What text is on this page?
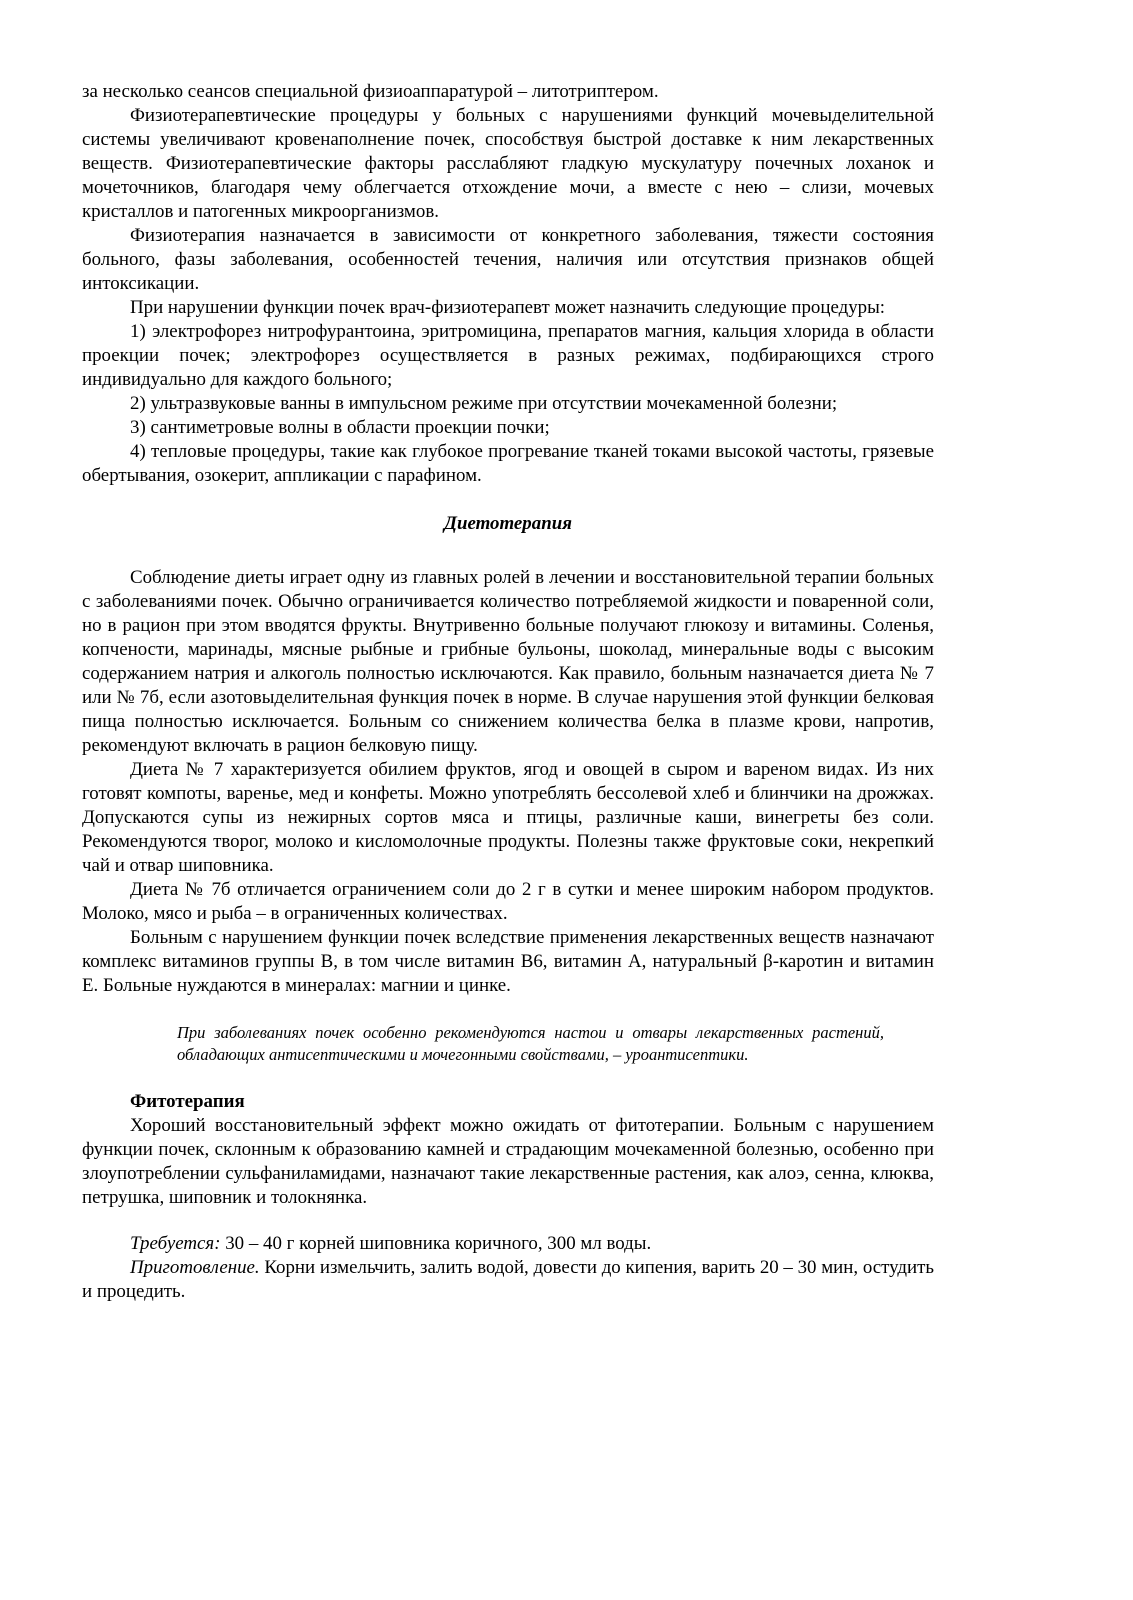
за несколько сеансов специальной физиоаппаратурой – литотриптером.

Физиотерапевтические процедуры у больных с нарушениями функций мочевыделительной системы увеличивают кровенаполнение почек, способствуя быстрой доставке к ним лекарственных веществ. Физиотерапевтические факторы расслабляют гладкую мускулатуру почечных лоханок и мочеточников, благодаря чему облегчается отхождение мочи, а вместе с нею – слизи, мочевых кристаллов и патогенных микроорганизмов.

Физиотерапия назначается в зависимости от конкретного заболевания, тяжести состояния больного, фазы заболевания, особенностей течения, наличия или отсутствия признаков общей интоксикации.

При нарушении функции почек врач-физиотерапевт может назначить следующие процедуры:

1) электрофорез нитрофурантоина, эритромицина, препаратов магния, кальция хлорида в области проекции почек; электрофорез осуществляется в разных режимах, подбирающихся строго индивидуально для каждого больного;

2) ультразвуковые ванны в импульсном режиме при отсутствии мочекаменной болезни;

3) сантиметровые волны в области проекции почки;

4) тепловые процедуры, такие как глубокое прогревание тканей токами высокой частоты, грязевые обертывания, озокерит, аппликации с парафином.

Диетотерапия

Соблюдение диеты играет одну из главных ролей в лечении и восстановительной терапии больных с заболеваниями почек. Обычно ограничивается количество потребляемой жидкости и поваренной соли, но в рацион при этом вводятся фрукты. Внутривенно больные получают глюкозу и витамины. Соленья, копчености, маринады, мясные рыбные и грибные бульоны, шоколад, минеральные воды с высоким содержанием натрия и алкоголь полностью исключаются. Как правило, больным назначается диета № 7 или № 7б, если азотовыделительная функция почек в норме. В случае нарушения этой функции белковая пища полностью исключается. Больным со снижением количества белка в плазме крови, напротив, рекомендуют включать в рацион белковую пищу.

Диета № 7 характеризуется обилием фруктов, ягод и овощей в сыром и вареном видах. Из них готовят компоты, варенье, мед и конфеты. Можно употреблять бессолевой хлеб и блинчики на дрожжах. Допускаются супы из нежирных сортов мяса и птицы, различные каши, винегреты без соли. Рекомендуются творог, молоко и кисломолочные продукты. Полезны также фруктовые соки, некрепкий чай и отвар шиповника.

Диета № 7б отличается ограничением соли до 2 г в сутки и менее широким набором продуктов. Молоко, мясо и рыба – в ограниченных количествах.

Больным с нарушением функции почек вследствие применения лекарственных веществ назначают комплекс витаминов группы В, в том числе витамин В6, витамин А, натуральный β-каротин и витамин Е. Больные нуждаются в минералах: магнии и цинке.

При заболеваниях почек особенно рекомендуются настои и отвары лекарственных растений, обладающих антисептическими и мочегонными свойствами, – уроантисептики.

Фитотерапия

Хороший восстановительный эффект можно ожидать от фитотерапии. Больным с нарушением функции почек, склонным к образованию камней и страдающим мочекаменной болезнью, особенно при злоупотреблении сульфаниламидами, назначают такие лекарственные растения, как алоэ, сенна, клюква, петрушка, шиповник и толокнянка.

Требуется: 30 – 40 г корней шиповника коричного, 300 мл воды.

Приготовление. Корни измельчить, залить водой, довести до кипения, варить 20 – 30 мин, остудить и процедить.
